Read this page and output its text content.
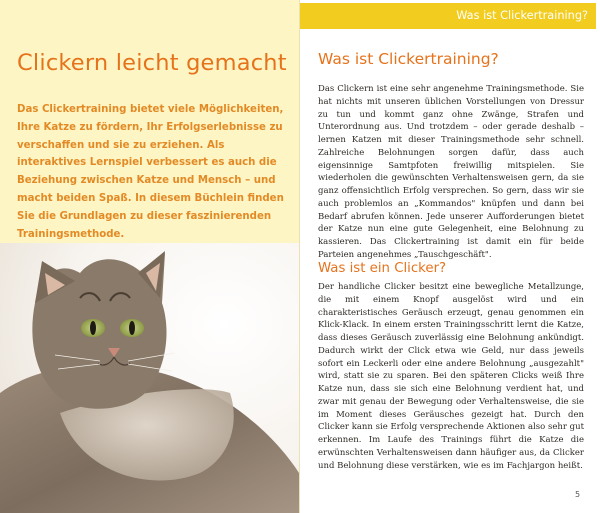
Clickern leicht gemacht

Das Clickertraining bietet viele Möglichkeiten, Ihre Katze zu fördern, Ihr Erfolgserlebnisse zu verschaffen und sie zu erziehen. Als interaktives Lernspiel verbessert es auch die Beziehung zwischen Katze und Mensch – und macht beiden Spaß. In diesem Büchlein finden Sie die Grundlagen zu dieser faszinierenden Trainingsmethode.

Was ist Clickertraining?
Was ist Clickertraining?

Das Clickern ist eine sehr angenehme Trainingsmethode. Sie hat nichts mit unseren üblichen Vorstellungen von Dressur zu tun und kommt ganz ohne Zwänge, Strafen und Unterordnung aus. Und trotzdem – oder gerade deshalb – lernen Katzen mit dieser Trainingsmethode sehr schnell. Zahlreiche Belohnungen sorgen dafür, dass auch eigensinnige Samtpfoten freiwillig mitspielen. Sie wiederholen die gewünschten Verhaltensweisen gern, da sie ganz offensichtlich Erfolg versprechen. So gern, dass wir sie auch problemlos an „Kommandos" knüpfen und dann bei Bedarf abrufen können. Jede unserer Aufforderungen bietet der Katze nun eine gute Gelegenheit, eine Belohnung zu kassieren. Das Clickertraining ist damit ein für beide Parteien angenehmes „Tauschgeschäft".

Was ist ein Clicker?

Der handliche Clicker besitzt eine bewegliche Metallzunge, die mit einem Knopf ausgelöst wird und ein charakteristisches Geräusch erzeugt, genau genommen ein Klick-Klack. In einem ersten Trainingsschritt lernt die Katze, dass dieses Geräusch zuverlässig eine Belohnung ankündigt. Dadurch wirkt der Click etwa wie Geld, nur dass jeweils sofort ein Leckerli oder eine andere Belohnung „ausgezahlt" wird, statt sie zu sparen. Bei den späteren Clicks weiß Ihre Katze nun, dass sie sich eine Belohnung verdient hat, und zwar mit genau der Bewegung oder Verhaltensweise, die sie im Moment dieses Geräusches gezeigt hat. Durch den Clicker kann sie Erfolg versprechende Aktionen also sehr gut erkennen. Im Laufe des Trainings führt die Katze die erwünschten Verhaltensweisen dann häufiger aus, da Clicker und Belohnung diese verstärken, wie es im Fachjargon heißt.

5
